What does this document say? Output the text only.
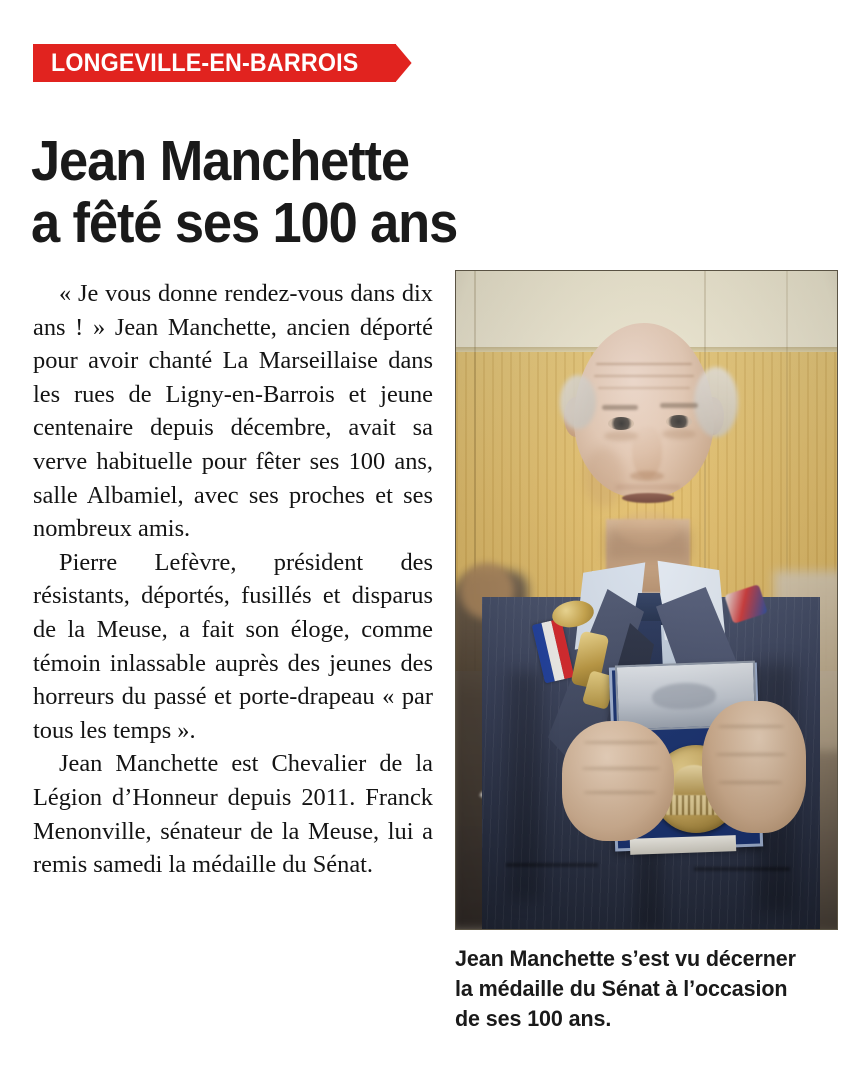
LONGEVILLE-EN-BARROIS
Jean Manchette
a fêté ses 100 ans

« Je vous donne rendez-vous dans dix ans ! » Jean Manchette, ancien déporté pour avoir chanté La Marseillaise dans les rues de Ligny-en-Barrois et jeune centenaire depuis décembre, avait sa verve habituelle pour fêter ses 100 ans, salle Albamiel, avec ses proches et ses nombreux amis.

Pierre Lefèvre, président des résistants, déportés, fusillés et disparus de la Meuse, a fait son éloge, comme témoin inlassable auprès des jeunes des horreurs du passé et porte-drapeau « par tous les temps ».

Jean Manchette est Chevalier de la Légion d’Honneur depuis 2011. Franck Menonville, sénateur de la Meuse, lui a remis samedi la médaille du Sénat.

Jean Manchette s’est vu décerner
la médaille du Sénat à l’occasion
de ses 100 ans.
